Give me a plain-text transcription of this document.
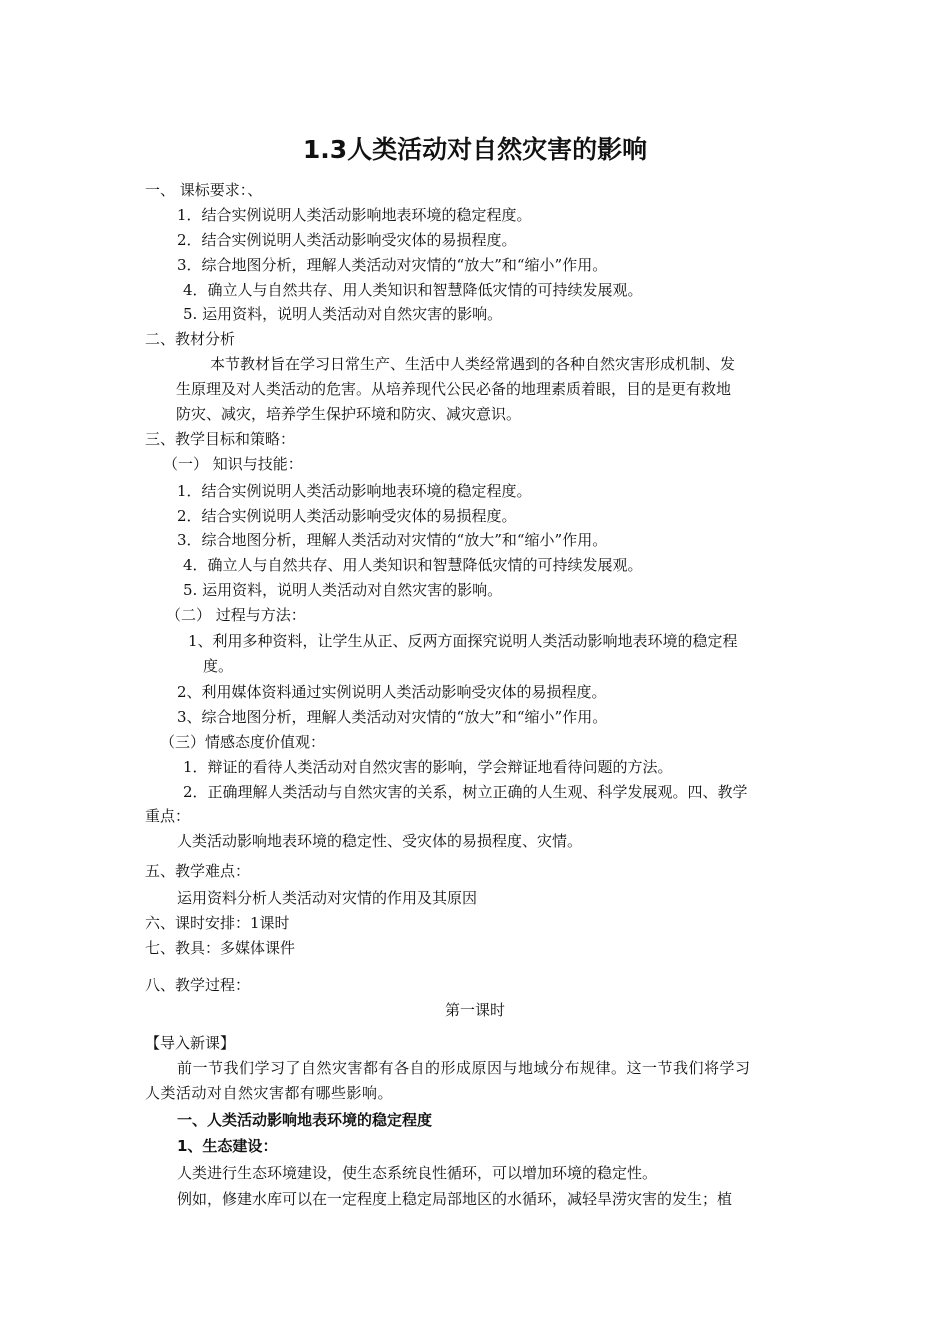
1.3人类活动对自然灾害的影响
一、 课标要求：、
1．结合实例说明人类活动影响地表环境的稳定程度。
2．结合实例说明人类活动影响受灾体的易损程度。
3．综合地图分析，理解人类活动对灾情的“放大”和“缩小”作用。
4．确立人与自然共存、用人类知识和智慧降低灾情的可持续发展观。
5. 运用资料，说明人类活动对自然灾害的影响。
二、教材分析
本节教材旨在学习日常生产、生活中人类经常遇到的各种自然灾害形成机制、发
生原理及对人类活动的危害。从培养现代公民必备的地理素质着眼，目的是更有救地
防灾、减灾，培养学生保护环境和防灾、减灾意识。
三、教学目标和策略：
（一） 知识与技能：
1．结合实例说明人类活动影响地表环境的稳定程度。
2．结合实例说明人类活动影响受灾体的易损程度。
3．综合地图分析，理解人类活动对灾情的“放大”和“缩小”作用。
4．确立人与自然共存、用人类知识和智慧降低灾情的可持续发展观。
5. 运用资料，说明人类活动对自然灾害的影响。
（二） 过程与方法：
1、利用多种资料，让学生从正、反两方面探究说明人类活动影响地表环境的稳定程
度。
2、利用媒体资料通过实例说明人类活动影响受灾体的易损程度。
3、综合地图分析，理解人类活动对灾情的“放大”和“缩小”作用。
（三）情感态度价值观：
1．辩证的看待人类活动对自然灾害的影响，学会辩证地看待问题的方法。
2．正确理解人类活动与自然灾害的关系，树立正确的人生观、科学发展观。四、教学
重点：
人类活动影响地表环境的稳定性、受灾体的易损程度、灾情。
五、教学难点：
运用资料分析人类活动对灾情的作用及其原因
六、课时安排：1课时
七、教具：多媒体课件
八、教学过程：
第一课时
【导入新课】
前一节我们学习了自然灾害都有各自的形成原因与地域分布规律。这一节我们将学习
人类活动对自然灾害都有哪些影响。
一、人类活动影响地表环境的稳定程度
1、生态建设：
人类进行生态环境建设，使生态系统良性循环，可以增加环境的稳定性。
例如，修建水库可以在一定程度上稳定局部地区的水循环，减轻旱涝灾害的发生；植
